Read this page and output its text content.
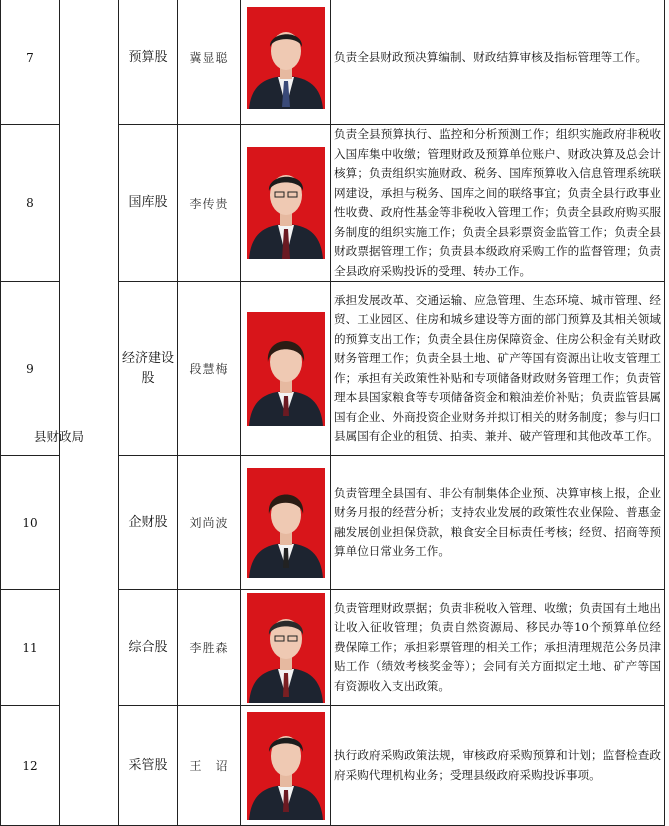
7		预算股	冀显聪		负责全县财政预决算编制、财政结算审核及指标管理等工作。
8		国库股	李传贵		负责全县预算执行、监控和分析预测工作；组织实施政府非税收入国库集中收缴；管理财政及预算单位账户、财政决算及总会计核算；负责组织实施财政、税务、国库预算收入信息管理系统联网建设，承担与税务、国库之间的联络事宜；负责全县行政事业性收费、政府性基金等非税收入管理工作；负责全县政府购买服务制度的组织实施工作；负责全县彩票资金监管工作；负责全县财政票据管理工作；负责县本级政府采购工作的监督管理；负责全县政府采购投诉的受理、转办工作。
9		经济建设股	段慧梅		承担发展改革、交通运输、应急管理、生态环境、城市管理、经贸、工业园区、住房和城乡建设等方面的部门预算及其相关领域的预算支出工作；负责全县住房保障资金、住房公积金有关财政财务管理工作；负责全县土地、矿产等国有资源出让收支管理工作；承担有关政策性补贴和专项储备财政财务管理工作；负责管理本县国家粮食等专项储备资金和粮油差价补贴；负责监管县属国有企业、外商投资企业财务并拟订相关的财务制度；参与归口县属国有企业的租赁、拍卖、兼并、破产管理和其他改革工作。
10		企财股	刘尚波		负责管理全县国有、非公有制集体企业预、决算审核上报，企业财务月报的经营分析；支持农业发展的政策性农业保险、普惠金融发展创业担保贷款，粮食安全目标责任考核；经贸、招商等预算单位日常业务工作。
11		综合股	李胜森		负责管理财政票据；负责非税收入管理、收缴；负责国有土地出让收入征收管理；负责自然资源局、移民办等10个预算单位经费保障工作；承担彩票管理的相关工作；承担清理规范公务员津贴工作（绩效考核奖金等）；会同有关方面拟定土地、矿产等国有资源收入支出政策。
12		采管股	王　诏		执行政府采购政策法规，审核政府采购预算和计划；监督检查政府采购代理机构业务；受理县级政府采购投诉事项。
县财政局
